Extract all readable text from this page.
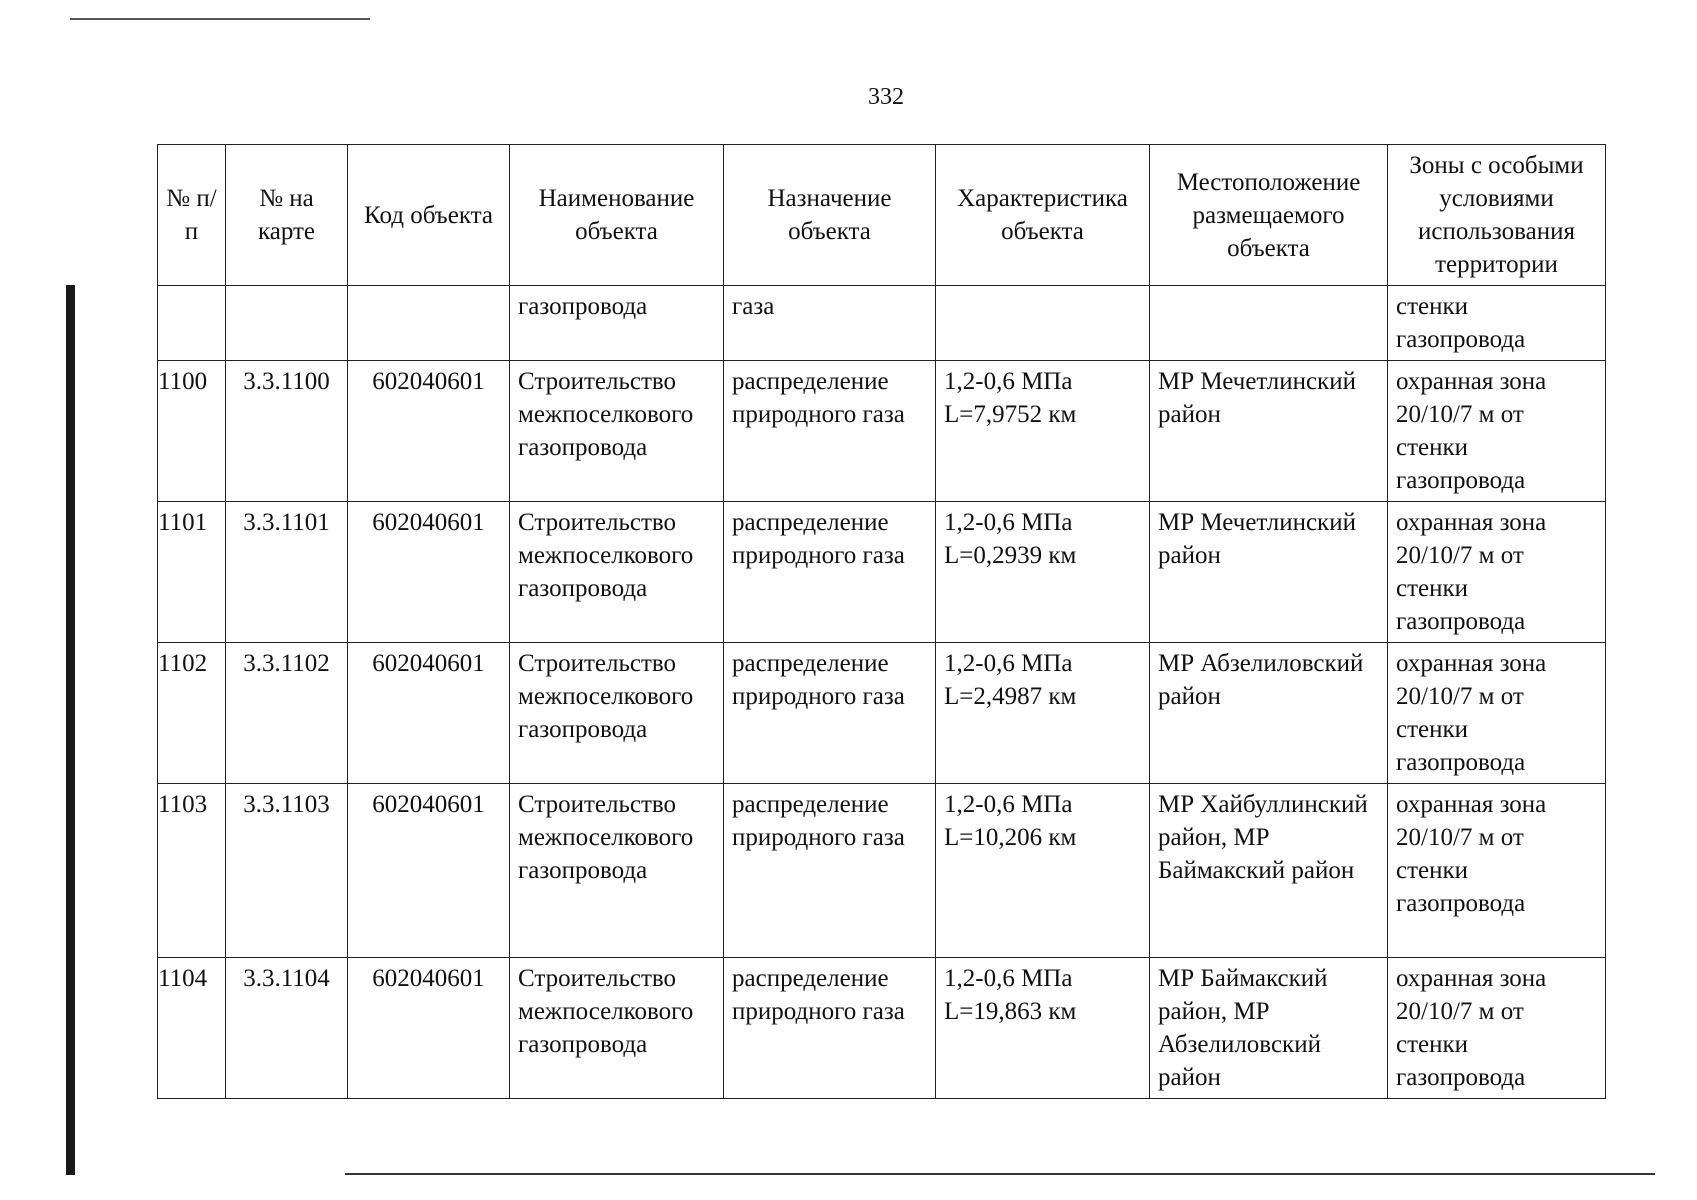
332
№ п/п	№ на карте	Код объекта	Наименование объекта	Назначение объекта	Характеристика объекта	Местоположение размещаемого объекта	Зоны с особыми условиями использования территории
			газопровода	газа			стенки газопровода
1100	3.3.1100	602040601	Строительство межпоселкового газопровода	распределение природного газа	1,2-0,6 МПа L=7,9752 км	МР Мечетлинский район	охранная зона 20/10/7 м от стенки газопровода
1101	3.3.1101	602040601	Строительство межпоселкового газопровода	распределение природного газа	1,2-0,6 МПа L=0,2939 км	МР Мечетлинский район	охранная зона 20/10/7 м от стенки газопровода
1102	3.3.1102	602040601	Строительство межпоселкового газопровода	распределение природного газа	1,2-0,6 МПа L=2,4987 км	МР Абзелиловский район	охранная зона 20/10/7 м от стенки газопровода
1103	3.3.1103	602040601	Строительство межпоселкового газопровода	распределение природного газа	1,2-0,6 МПа L=10,206 км	МР Хайбуллинский район, МР Баймакский район	охранная зона 20/10/7 м от стенки газопровода
1104	3.3.1104	602040601	Строительство межпоселкового газопровода	распределение природного газа	1,2-0,6 МПа L=19,863 км	МР Баймакский район, МР Абзелиловский район	охранная зона 20/10/7 м от стенки газопровода
